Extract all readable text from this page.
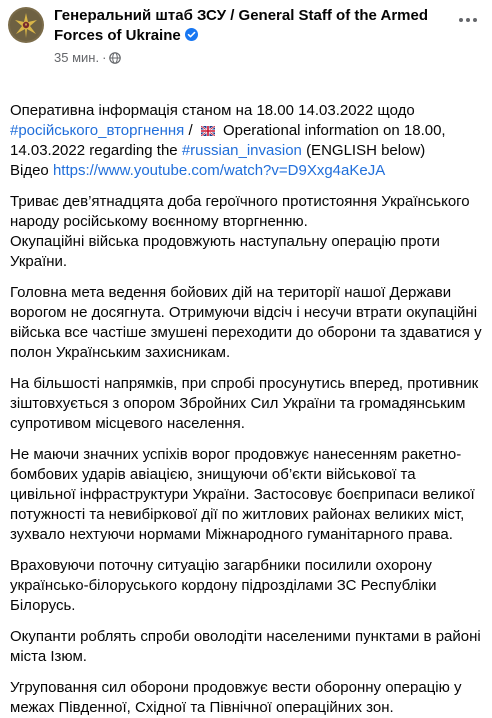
Генеральний штаб ЗСУ / General Staff of the Armed Forces of Ukraine
35 мин. ·

Оперативна інформація станом на 18.00 14.03.2022 щодо #російського_вторгнення / Operational information on 18.00, 14.03.2022 regarding the #russian_invasion (ENGLISH below)
Відео https://www.youtube.com/watch?v=D9Xxg4aKeJA

Триває дев’ятнадцята доба героїчного протистояння Українського народу російському воєнному вторгненню.
Окупаційні війська продовжують наступальну операцію проти України.

Головна мета ведення бойових дій на території нашої Держави ворогом не досягнута. Отримуючи відсіч і несучи втрати окупаційні війська все частіше змушені переходити до оборони та здаватися у полон Українським захисникам.

На більшості напрямків, при спробі просунутись вперед, противник зіштовхується з опором Збройних Сил України та громадянським супротивом місцевого населення.

Не маючи значних успіхів ворог продовжує нанесенням ракетно-бомбових ударів авіацією, знищуючи об’єкти військової та цивільної інфраструктури України. Застосовує боєприпаси великої потужності та невибіркової дії по житлових районах великих міст, зухвало нехтуючи нормами Міжнародного гуманітарного права.

Враховуючи поточну ситуацію загарбники посилили охорону українсько-білоруського кордону підрозділами ЗС Республіки Білорусь.

Окупанти роблять спроби оволодіти населеними пунктами в районі міста Ізюм.

Угруповання сил оборони продовжує вести оборонну операцію у межах Південної, Східної та Північної операційних зон.
